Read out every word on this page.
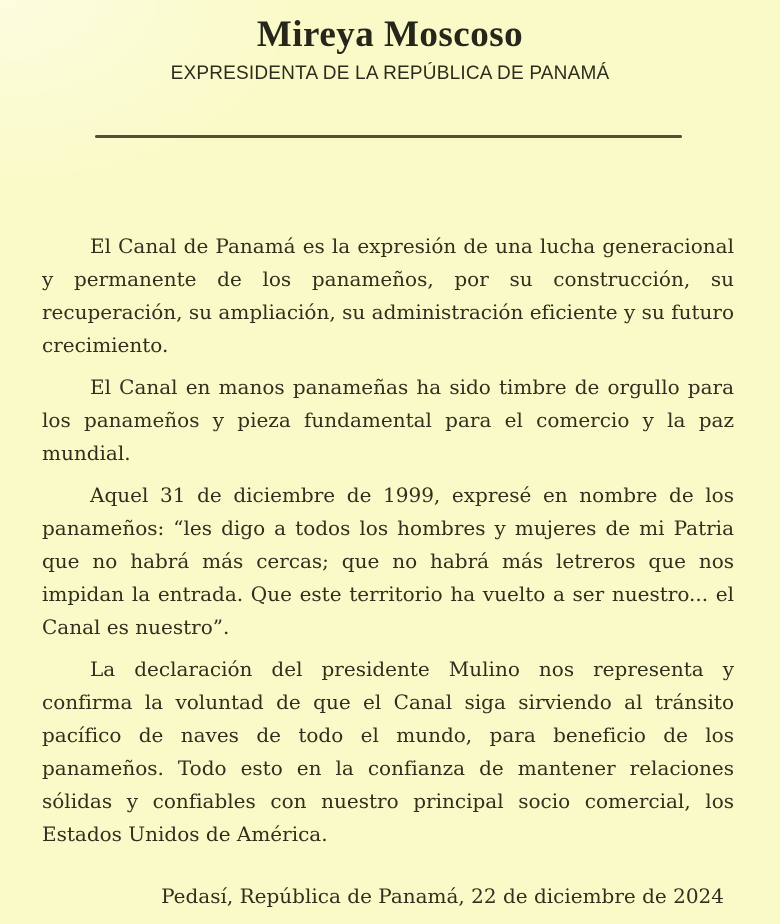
Mireya Moscoso
EXPRESIDENTA DE LA REPÚBLICA DE PANAMÁ

El Canal de Panamá es la expresión de una lucha generacional y permanente de los panameños, por su construcción, su recuperación, su ampliación, su administración eficiente y su futuro crecimiento.

El Canal en manos panameñas ha sido timbre de orgullo para los panameños y pieza fundamental para el comercio y la paz mundial.

Aquel 31 de diciembre de 1999, expresé en nombre de los panameños: “les digo a todos los hombres y mujeres de mi Patria que no habrá más cercas; que no habrá más letreros que nos impidan la entrada. Que este territorio ha vuelto a ser nuestro... el Canal es nuestro”.

La declaración del presidente Mulino nos representa y confirma la voluntad de que el Canal siga sirviendo al tránsito pacífico de naves de todo el mundo, para beneficio de los panameños. Todo esto en la confianza de mantener relaciones sólidas y confiables con nuestro principal socio comercial, los Estados Unidos de América.

Pedasí, República de Panamá, 22 de diciembre de 2024
